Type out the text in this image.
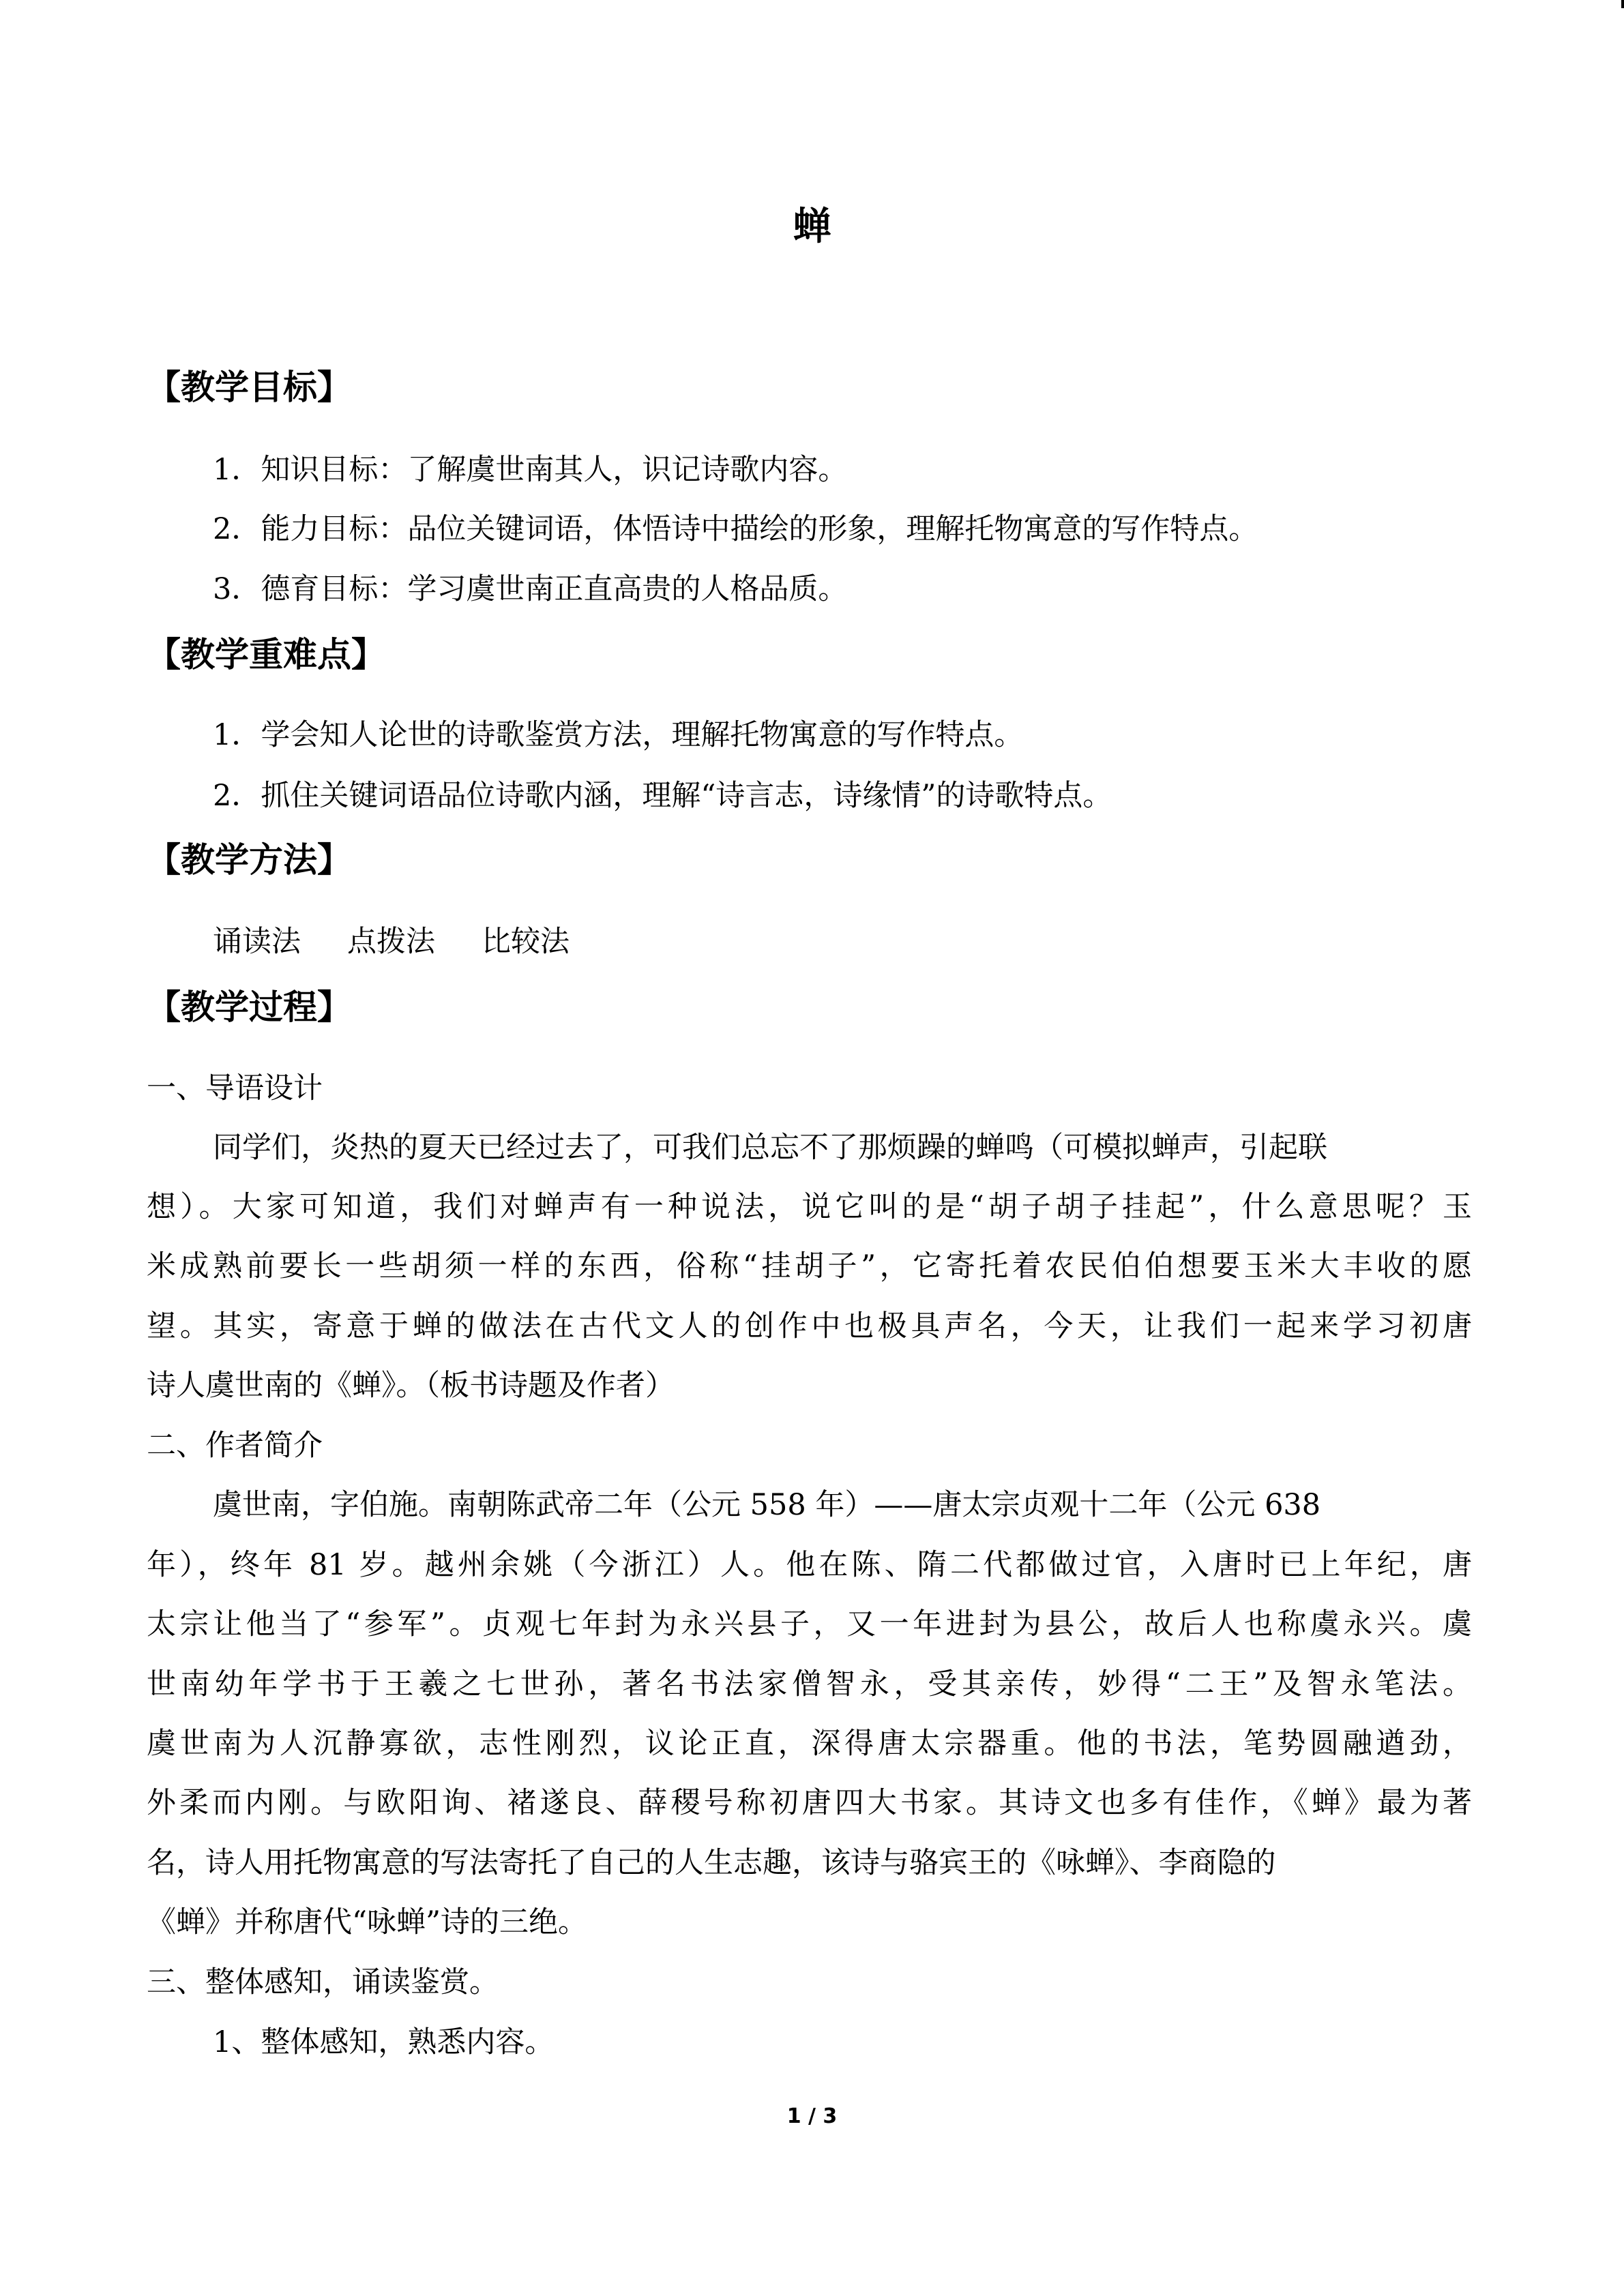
蝉
【教学目标】
1．知识目标：了解虞世南其人，识记诗歌内容。
2．能力目标：品位关键词语，体悟诗中描绘的形象，理解托物寓意的写作特点。
3．德育目标：学习虞世南正直高贵的人格品质。
【教学重难点】
1．学会知人论世的诗歌鉴赏方法，理解托物寓意的写作特点。
2．抓住关键词语品位诗歌内涵，理解“诗言志，诗缘情”的诗歌特点。
【教学方法】
诵读法 点拨法 比较法
【教学过程】
一、导语设计
同学们，炎热的夏天已经过去了，可我们总忘不了那烦躁的蝉鸣（可模拟蝉声，引起联
想）。大家可知道，我们对蝉声有一种说法，说它叫的是“胡子胡子挂起”，什么意思呢？玉
米成熟前要长一些胡须一样的东西，俗称“挂胡子”，它寄托着农民伯伯想要玉米大丰收的愿
望。其实，寄意于蝉的做法在古代文人的创作中也极具声名，今天，让我们一起来学习初唐
诗人虞世南的《蝉》。（板书诗题及作者）
二、作者简介
虞世南，字伯施。南朝陈武帝二年（公元 558 年）——唐太宗贞观十二年（公元 638
年），终年 81 岁。越州余姚（今浙江）人。他在陈、隋二代都做过官，入唐时已上年纪，唐
太宗让他当了“参军”。贞观七年封为永兴县子，又一年进封为县公，故后人也称虞永兴。虞
世南幼年学书于王羲之七世孙，著名书法家僧智永，受其亲传，妙得“二王”及智永笔法。
虞世南为人沉静寡欲，志性刚烈，议论正直，深得唐太宗器重。他的书法，笔势圆融遒劲，
外柔而内刚。与欧阳询、褚遂良、薛稷号称初唐四大书家。其诗文也多有佳作，《蝉》最为著
名，诗人用托物寓意的写法寄托了自己的人生志趣，该诗与骆宾王的《咏蝉》、李商隐的
《蝉》并称唐代“咏蝉”诗的三绝。
三、整体感知，诵读鉴赏。
1、整体感知，熟悉内容。
1 / 3
